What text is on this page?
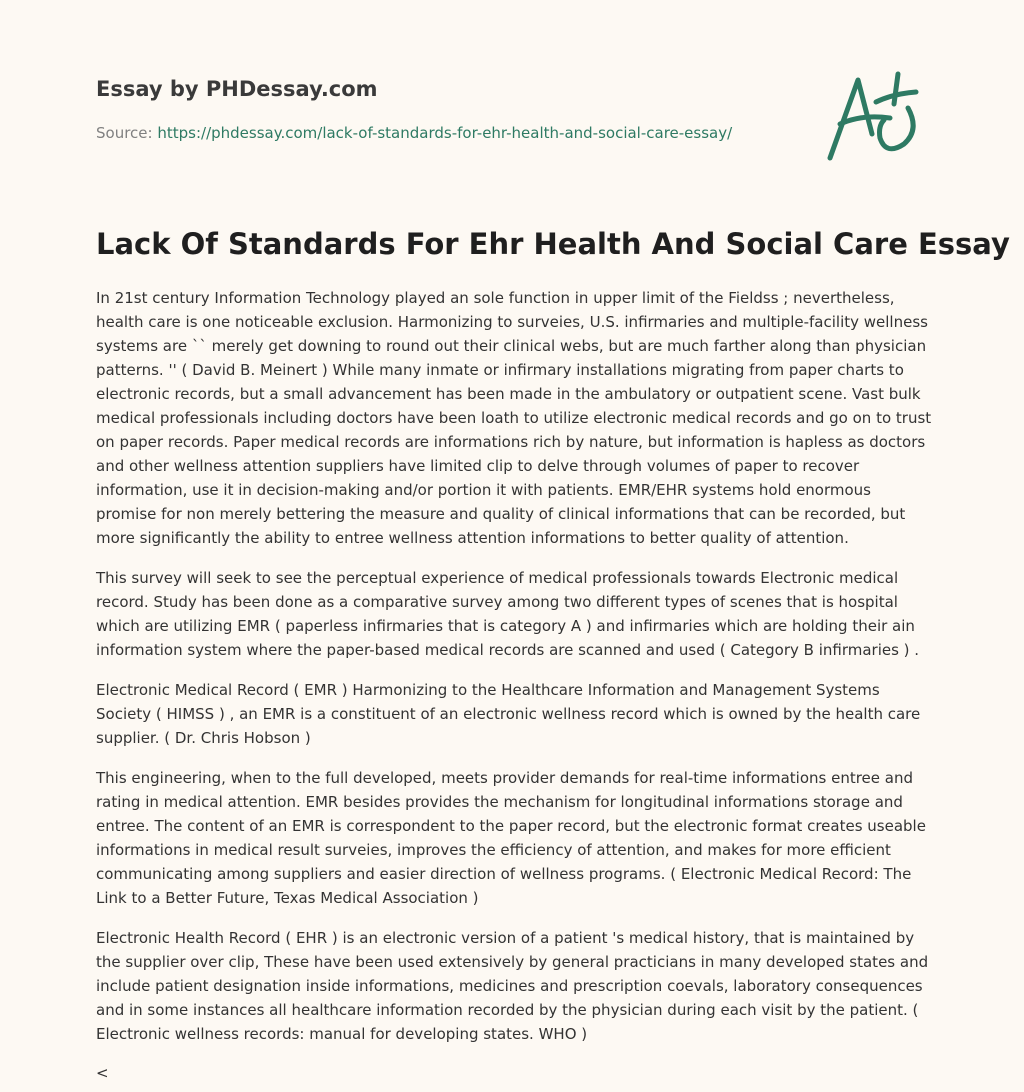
Essay by PHDessay.com
Source: https://phdessay.com/lack-of-standards-for-ehr-health-and-social-care-essay/
Lack Of Standards For Ehr Health And Social Care Essay

In 21st century Information Technology played an sole function in upper limit of the Fieldss ; nevertheless, health care is one noticeable exclusion. Harmonizing to surveies, U.S. infirmaries and multiple-facility wellness systems are `` merely get downing to round out their clinical webs, but are much farther along than physician patterns. '' ( David B. Meinert ) While many inmate or infirmary installations migrating from paper charts to electronic records, but a small advancement has been made in the ambulatory or outpatient scene. Vast bulk medical professionals including doctors have been loath to utilize electronic medical records and go on to trust on paper records. Paper medical records are informations rich by nature, but information is hapless as doctors and other wellness attention suppliers have limited clip to delve through volumes of paper to recover information, use it in decision-making and/or portion it with patients. EMR/EHR systems hold enormous promise for non merely bettering the measure and quality of clinical informations that can be recorded, but more significantly the ability to entree wellness attention informations to better quality of attention.

This survey will seek to see the perceptual experience of medical professionals towards Electronic medical record. Study has been done as a comparative survey among two different types of scenes that is hospital which are utilizing EMR ( paperless infirmaries that is category A ) and infirmaries which are holding their ain information system where the paper-based medical records are scanned and used ( Category B infirmaries ) .

Electronic Medical Record ( EMR ) Harmonizing to the Healthcare Information and Management Systems Society ( HIMSS ) , an EMR is a constituent of an electronic wellness record which is owned by the health care supplier. ( Dr. Chris Hobson )

This engineering, when to the full developed, meets provider demands for real-time informations entree and rating in medical attention. EMR besides provides the mechanism for longitudinal informations storage and entree. The content of an EMR is correspondent to the paper record, but the electronic format creates useable informations in medical result surveies, improves the efficiency of attention, and makes for more efficient communicating among suppliers and easier direction of wellness programs. ( Electronic Medical Record: The Link to a Better Future, Texas Medical Association )

Electronic Health Record ( EHR ) is an electronic version of a patient 's medical history, that is maintained by the supplier over clip, These have been used extensively by general practicians in many developed states and include patient designation inside informations, medicines and prescription coevals, laboratory consequences and in some instances all healthcare information recorded by the physician during each visit by the patient. ( Electronic wellness records: manual for developing states. WHO )

<
